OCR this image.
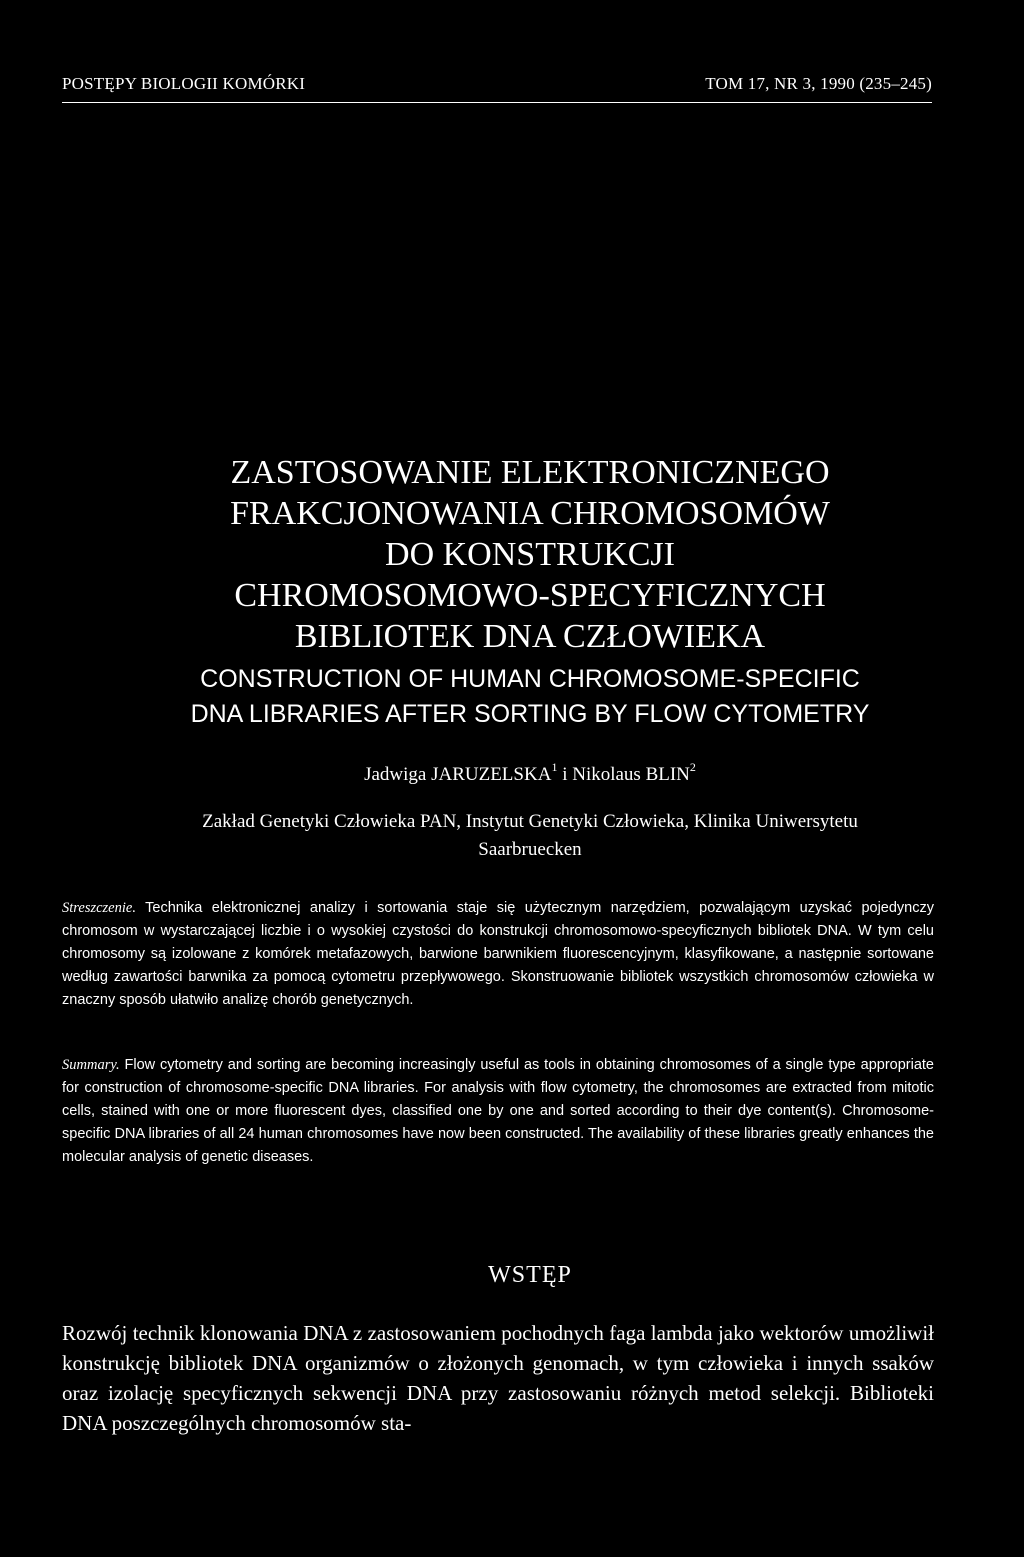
POSTĘPY BIOLOGII KOMÓRKI	TOM 17, NR 3, 1990 (235–245)
ZASTOSOWANIE ELEKTRONICZNEGO
FRAKCJONOWANIA CHROMOSOMÓW
DO KONSTRUKCJI
CHROMOSOMOWO-SPECYFICZNYCH
BIBLIOTEK DNA CZŁOWIEKA
CONSTRUCTION OF HUMAN CHROMOSOME-SPECIFIC
DNA LIBRARIES AFTER SORTING BY FLOW CYTOMETRY
Jadwiga JARUZELSKA$^1$ i Nikolaus BLIN$^2$
Zakład Genetyki Człowieka PAN, Instytut Genetyki Człowieka, Klinika Uniwersytetu
Saarbruecken
Streszczenie. Technika elektronicznej analizy i sortowania staje się użytecznym narzędziem, pozwalającym uzyskać pojedynczy chromosom w wystarczającej liczbie i o wysokiej czystości do konstrukcji chromosomowo-specyficznych bibliotek DNA. W tym celu chromosomy są izolowane z komórek metafazowych, barwione barwnikiem fluorescencyjnym, klasyfikowane, a następnie sortowane według zawartości barwnika za pomocą cytometru przepływowego. Skonstruowanie bibliotek wszystkich chromosomów człowieka w znaczny sposób ułatwiło analizę chorób genetycznych.
Summary. Flow cytometry and sorting are becoming increasingly useful as tools in obtaining chromosomes of a single type appropriate for construction of chromosome-specific DNA libraries. For analysis with flow cytometry, the chromosomes are extracted from mitotic cells, stained with one or more fluorescent dyes, classified one by one and sorted according to their dye content(s). Chromosome-specific DNA libraries of all 24 human chromosomes have now been constructed. The availability of these libraries greatly enhances the molecular analysis of genetic diseases.
WSTĘP
Rozwój technik klonowania DNA z zastosowaniem pochodnych faga lambda jako wektorów umożliwił konstrukcję bibliotek DNA organizmów o złożonych genomach, w tym człowieka i innych ssaków oraz izolację specyficznych sekwencji DNA przy zastosowaniu różnych metod selekcji. Biblioteki DNA poszczególnych chromosomów sta-
